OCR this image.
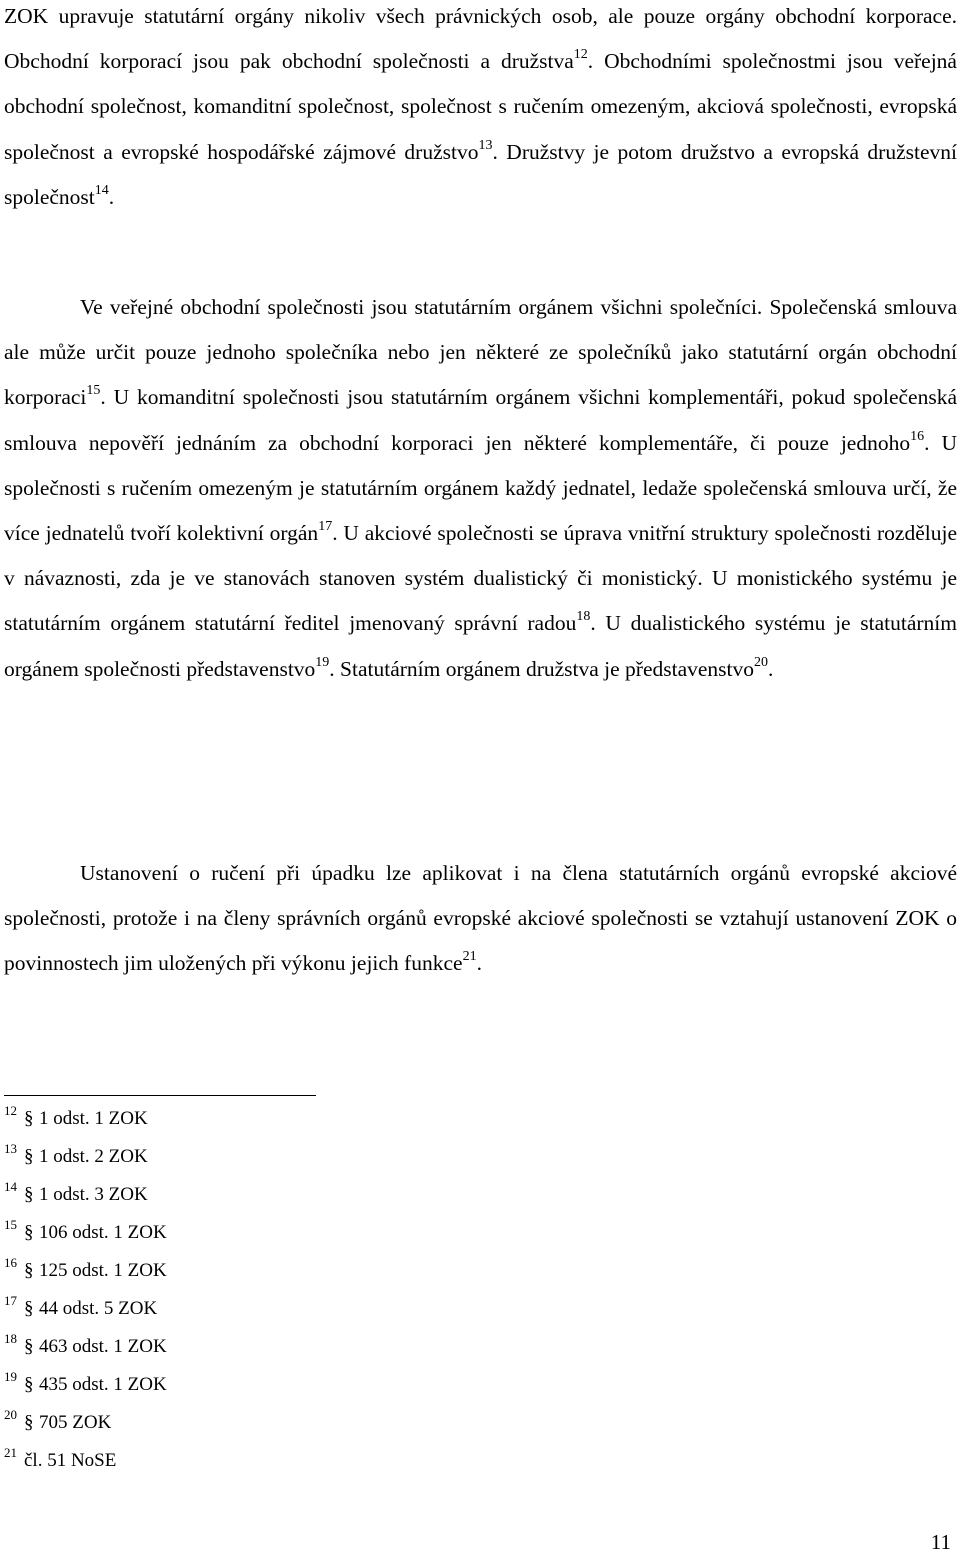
ZOK upravuje statutární orgány nikoliv všech právnických osob, ale pouze orgány obchodní korporace. Obchodní korporací jsou pak obchodní společnosti a družstva$^{12}$. Obchodními společnostmi jsou veřejná obchodní společnost, komanditní společnost, společnost s ručením omezeným, akciová společnosti, evropská společnost a evropské hospodářské zájmové družstvo$^{13}$. Družstvy je potom družstvo a evropská družstevní společnost$^{14}$.

Ve veřejné obchodní společnosti jsou statutárním orgánem všichni společníci. Společenská smlouva ale může určit pouze jednoho společníka nebo jen některé ze společníků jako statutární orgán obchodní korporaci$^{15}$. U komanditní společnosti jsou statutárním orgánem všichni komplementáři, pokud společenská smlouva nepověří jednáním za obchodní korporaci jen některé komplementáře, či pouze jednoho$^{16}$. U společnosti s ručením omezeným je statutárním orgánem každý jednatel, ledaže společenská smlouva určí, že více jednatelů tvoří kolektivní orgán$^{17}$. U akciové společnosti se úprava vnitřní struktury společnosti rozděluje v návaznosti, zda je ve stanovách stanoven systém dualistický či monistický. U monistického systému je statutárním orgánem statutární ředitel jmenovaný správní radou$^{18}$. U dualistického systému je statutárním orgánem společnosti představenstvo$^{19}$. Statutárním orgánem družstva je představenstvo$^{20}$.

Ustanovení o ručení při úpadku lze aplikovat i na člena statutárních orgánů evropské akciové společnosti, protože i na členy správních orgánů evropské akciové společnosti se vztahují ustanovení ZOK o povinnostech jim uložených při výkonu jejich funkce$^{21}$.

12 § 1 odst. 1 ZOK
13 § 1 odst. 2 ZOK
14 § 1 odst. 3 ZOK
15 § 106 odst. 1 ZOK
16 § 125 odst. 1 ZOK
17 § 44 odst. 5 ZOK
18 § 463 odst. 1 ZOK
19 § 435 odst. 1 ZOK
20 § 705 ZOK
21 čl. 51 NoSE
11
